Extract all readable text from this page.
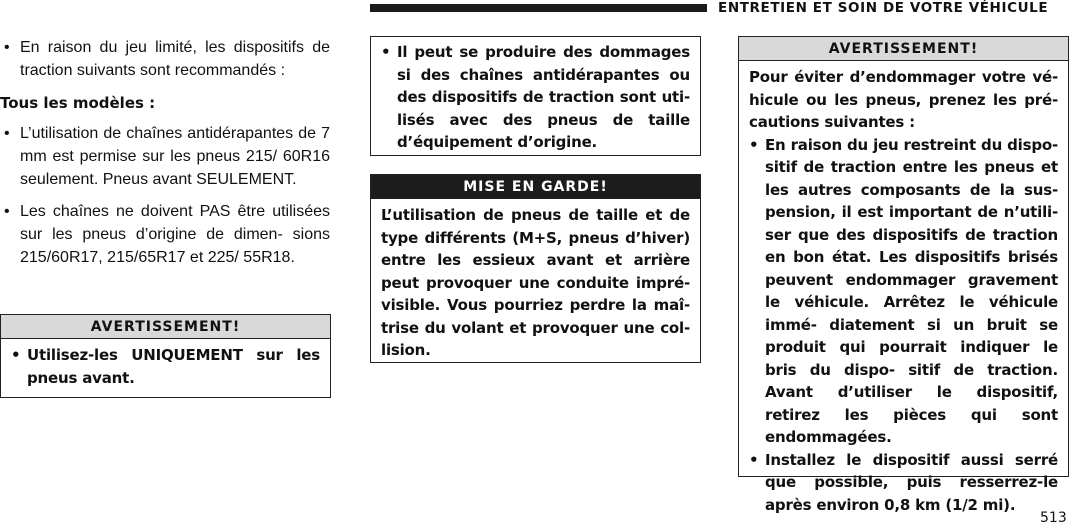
ENTRETIEN ET SOIN DE VOTRE VÉHICULE
• En raison du jeu limité, les dispositifs de traction suivants sont recommandés :
Tous les modèles :
• L’utilisation de chaînes antidérapantes de 7 mm est permise sur les pneus 215/ 60R16 seulement. Pneus avant SEULEMENT.
• Les chaînes ne doivent PAS être utilisées sur les pneus d’origine de dimen- sions 215/60R17, 215/65R17 et 225/ 55R18.
AVERTISSEMENT!
• Utilisez-les UNIQUEMENT sur les pneus avant.
• Il peut se produire des dommages si des chaînes antidérapantes ou des dispositifs de traction sont uti- lisés avec des pneus de taille d’équipement d’origine.
MISE EN GARDE!

L’utilisation de pneus de taille et de type différents (M+S, pneus d’hiver) entre les essieux avant et arrière peut provoquer une conduite impré- visible. Vous pourriez perdre la maî- trise du volant et provoquer une col- lision.

AVERTISSEMENT!

Pour éviter d’endommager votre vé- hicule ou les pneus, prenez les pré- cautions suivantes :

• En raison du jeu restreint du dispo- sitif de traction entre les pneus et les autres composants de la sus- pension, il est important de n’utili- ser que des dispositifs de traction en bon état. Les dispositifs brisés peuvent endommager gravement le véhicule. Arrêtez le véhicule immé- diatement si un bruit se produit qui pourrait indiquer le bris du dispo- sitif de traction. Avant d’utiliser le dispositif, retirez les pièces qui sont endommagées.
• Installez le dispositif aussi serré que possible, puis resserrez-le après environ 0,8 km (1/2 mi).
513
